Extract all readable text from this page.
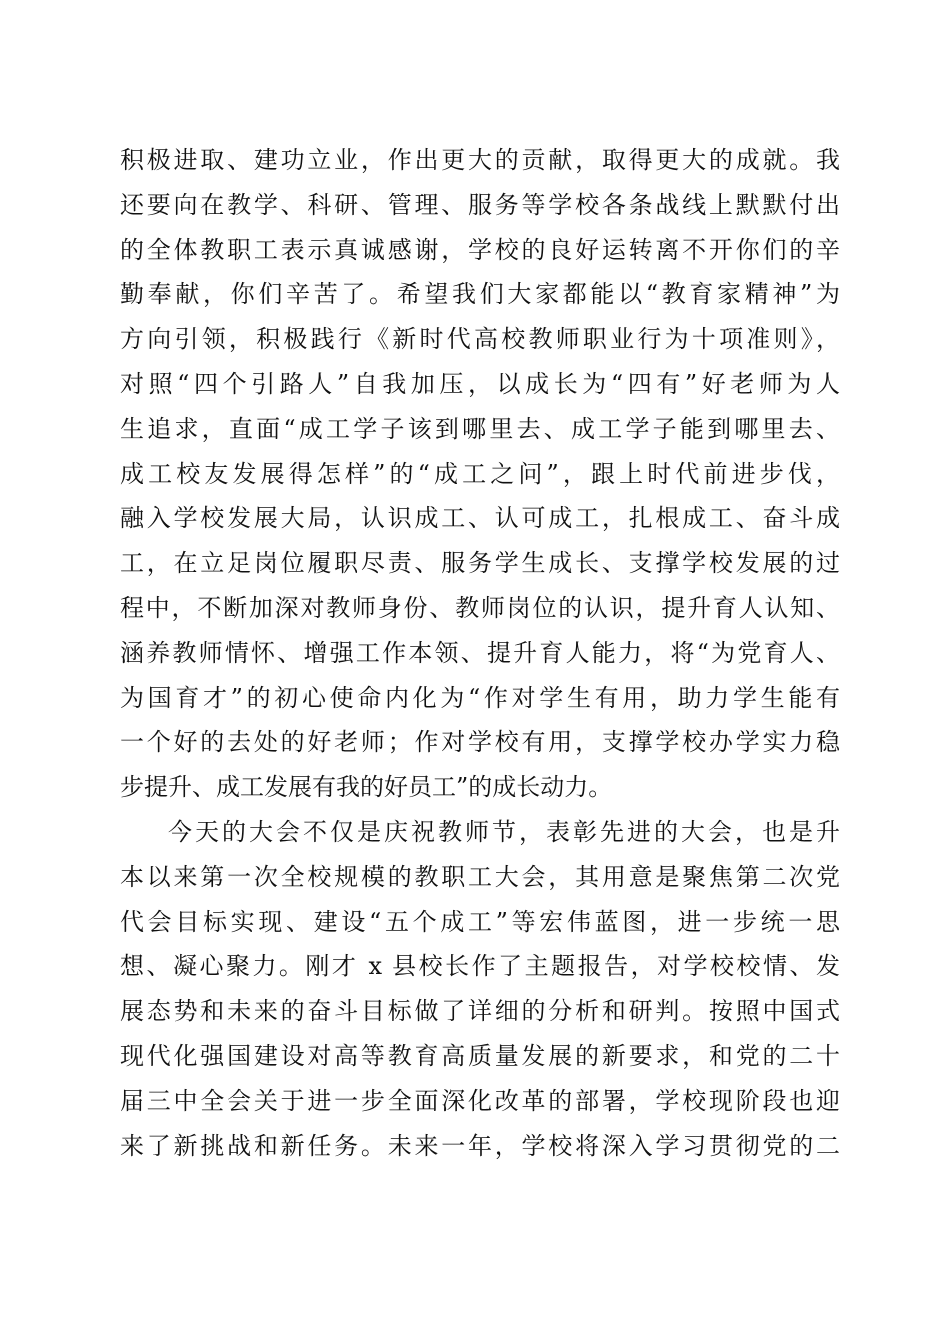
积极进取、建功立业，作出更大的贡献，取得更大的成就。我
还要向在教学、科研、管理、服务等学校各条战线上默默付出
的全体教职工表示真诚感谢，学校的良好运转离不开你们的辛
勤奉献，你们辛苦了。希望我们大家都能以“教育家精神”为
方向引领，积极践行《新时代高校教师职业行为十项准则》，
对照“四个引路人”自我加压，以成长为“四有”好老师为人
生追求，直面“成工学子该到哪里去、成工学子能到哪里去、
成工校友发展得怎样”的“成工之问”，跟上时代前进步伐，
融入学校发展大局，认识成工、认可成工，扎根成工、奋斗成
工，在立足岗位履职尽责、服务学生成长、支撑学校发展的过
程中，不断加深对教师身份、教师岗位的认识，提升育人认知、
涵养教师情怀、增强工作本领、提升育人能力，将“为党育人、
为国育才”的初心使命内化为“作对学生有用，助力学生能有
一个好的去处的好老师；作对学校有用，支撑学校办学实力稳
步提升、成工发展有我的好员工”的成长动力。
今天的大会不仅是庆祝教师节，表彰先进的大会，也是升
本以来第一次全校规模的教职工大会，其用意是聚焦第二次党
代会目标实现、建设“五个成工”等宏伟蓝图，进一步统一思
想、凝心聚力。刚才 x 县校长作了主题报告，对学校校情、发
展态势和未来的奋斗目标做了详细的分析和研判。按照中国式
现代化强国建设对高等教育高质量发展的新要求，和党的二十
届三中全会关于进一步全面深化改革的部署，学校现阶段也迎
来了新挑战和新任务。未来一年，学校将深入学习贯彻党的二
